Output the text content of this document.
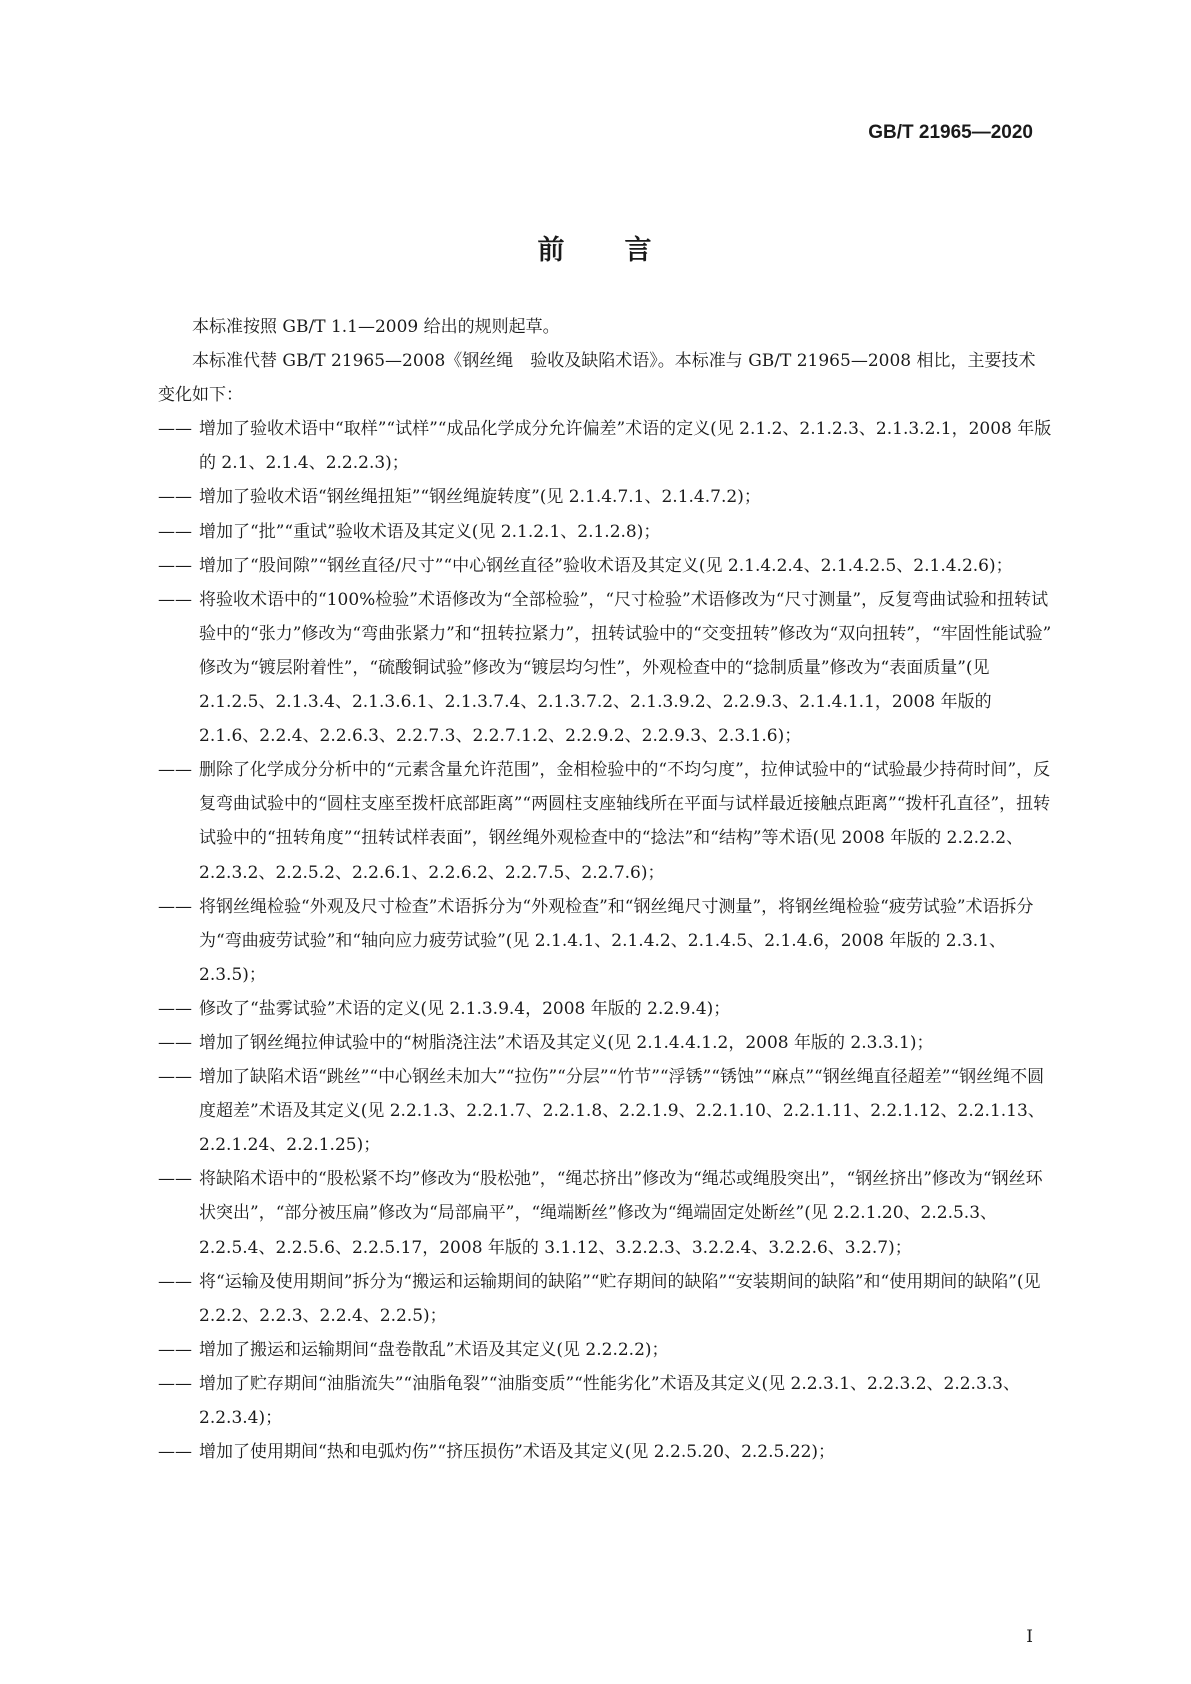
GB/T 21965—2020
前 言

本标准按照 GB/T 1.1—2009 给出的规则起草。

本标准代替 GB/T 21965—2008《钢丝绳　验收及缺陷术语》。本标准与 GB/T 21965—2008 相比，主要技术变化如下：

—— 增加了验收术语中“取样”“试样”“成品化学成分允许偏差”术语的定义(见 2.1.2、2.1.2.3、2.1.3.2.1，2008 年版的 2.1、2.1.4、2.2.2.3)；

—— 增加了验收术语“钢丝绳扭矩”“钢丝绳旋转度”(见 2.1.4.7.1、2.1.4.7.2)；

—— 增加了“批”“重试”验收术语及其定义(见 2.1.2.1、2.1.2.8)；

—— 增加了“股间隙”“钢丝直径/尺寸”“中心钢丝直径”验收术语及其定义(见 2.1.4.2.4、2.1.4.2.5、2.1.4.2.6)；

—— 将验收术语中的“100%检验”术语修改为“全部检验”，“尺寸检验”术语修改为“尺寸测量”，反复弯曲试验和扭转试验中的“张力”修改为“弯曲张紧力”和“扭转拉紧力”，扭转试验中的“交变扭转”修改为“双向扭转”，“牢固性能试验” 修改为“镀层附着性”，“硫酸铜试验”修改为“镀层均匀性”，外观检查中的“捻制质量”修改为“表面质量”(见 2.1.2.5、2.1.3.4、2.1.3.6.1、2.1.3.7.4、2.1.3.7.2、2.1.3.9.2、2.2.9.3、2.1.4.1.1，2008 年版的 2.1.6、2.2.4、2.2.6.3、2.2.7.3、2.2.7.1.2、2.2.9.2、2.2.9.3、2.3.1.6)；

—— 删除了化学成分分析中的“元素含量允许范围”，金相检验中的“不均匀度”，拉伸试验中的“试验最少持荷时间”，反复弯曲试验中的“圆柱支座至拨杆底部距离”“两圆柱支座轴线所在平面与试样最近接触点距离”“拨杆孔直径”，扭转试验中的“扭转角度”“扭转试样表面”，钢丝绳外观检查中的“捻法”和“结构”等术语(见 2008 年版的 2.2.2.2、2.2.3.2、2.2.5.2、2.2.6.1、2.2.6.2、2.2.7.5、2.2.7.6)；

—— 将钢丝绳检验“外观及尺寸检查”术语拆分为“外观检查”和“钢丝绳尺寸测量”，将钢丝绳检验“疲劳试验”术语拆分为“弯曲疲劳试验”和“轴向应力疲劳试验”(见 2.1.4.1、2.1.4.2、2.1.4.5、2.1.4.6，2008 年版的 2.3.1、2.3.5)；

—— 修改了“盐雾试验”术语的定义(见 2.1.3.9.4，2008 年版的 2.2.9.4)；

—— 增加了钢丝绳拉伸试验中的“树脂浇注法”术语及其定义(见 2.1.4.4.1.2，2008 年版的 2.3.3.1)；

—— 增加了缺陷术语“跳丝”“中心钢丝未加大”“拉伤”“分层”“竹节”“浮锈”“锈蚀”“麻点”“钢丝绳直径超差”“钢丝绳不圆度超差”术语及其定义(见 2.2.1.3、2.2.1.7、2.2.1.8、2.2.1.9、2.2.1.10、2.2.1.11、2.2.1.12、2.2.1.13、2.2.1.24、2.2.1.25)；

—— 将缺陷术语中的“股松紧不均”修改为“股松弛”，“绳芯挤出”修改为“绳芯或绳股突出”，“钢丝挤出”修改为“钢丝环状突出”，“部分被压扁”修改为“局部扁平”，“绳端断丝”修改为“绳端固定处断丝”(见 2.2.1.20、2.2.5.3、2.2.5.4、2.2.5.6、2.2.5.17，2008 年版的 3.1.12、3.2.2.3、3.2.2.4、3.2.2.6、3.2.7)；

—— 将“运输及使用期间”拆分为“搬运和运输期间的缺陷”“贮存期间的缺陷”“安装期间的缺陷”和“使用期间的缺陷”(见 2.2.2、2.2.3、2.2.4、2.2.5)；

—— 增加了搬运和运输期间“盘卷散乱”术语及其定义(见 2.2.2.2)；

—— 增加了贮存期间“油脂流失”“油脂龟裂”“油脂变质”“性能劣化”术语及其定义(见 2.2.3.1、2.2.3.2、2.2.3.3、2.2.3.4)；

—— 增加了使用期间“热和电弧灼伤”“挤压损伤”术语及其定义(见 2.2.5.20、2.2.5.22)；

I
